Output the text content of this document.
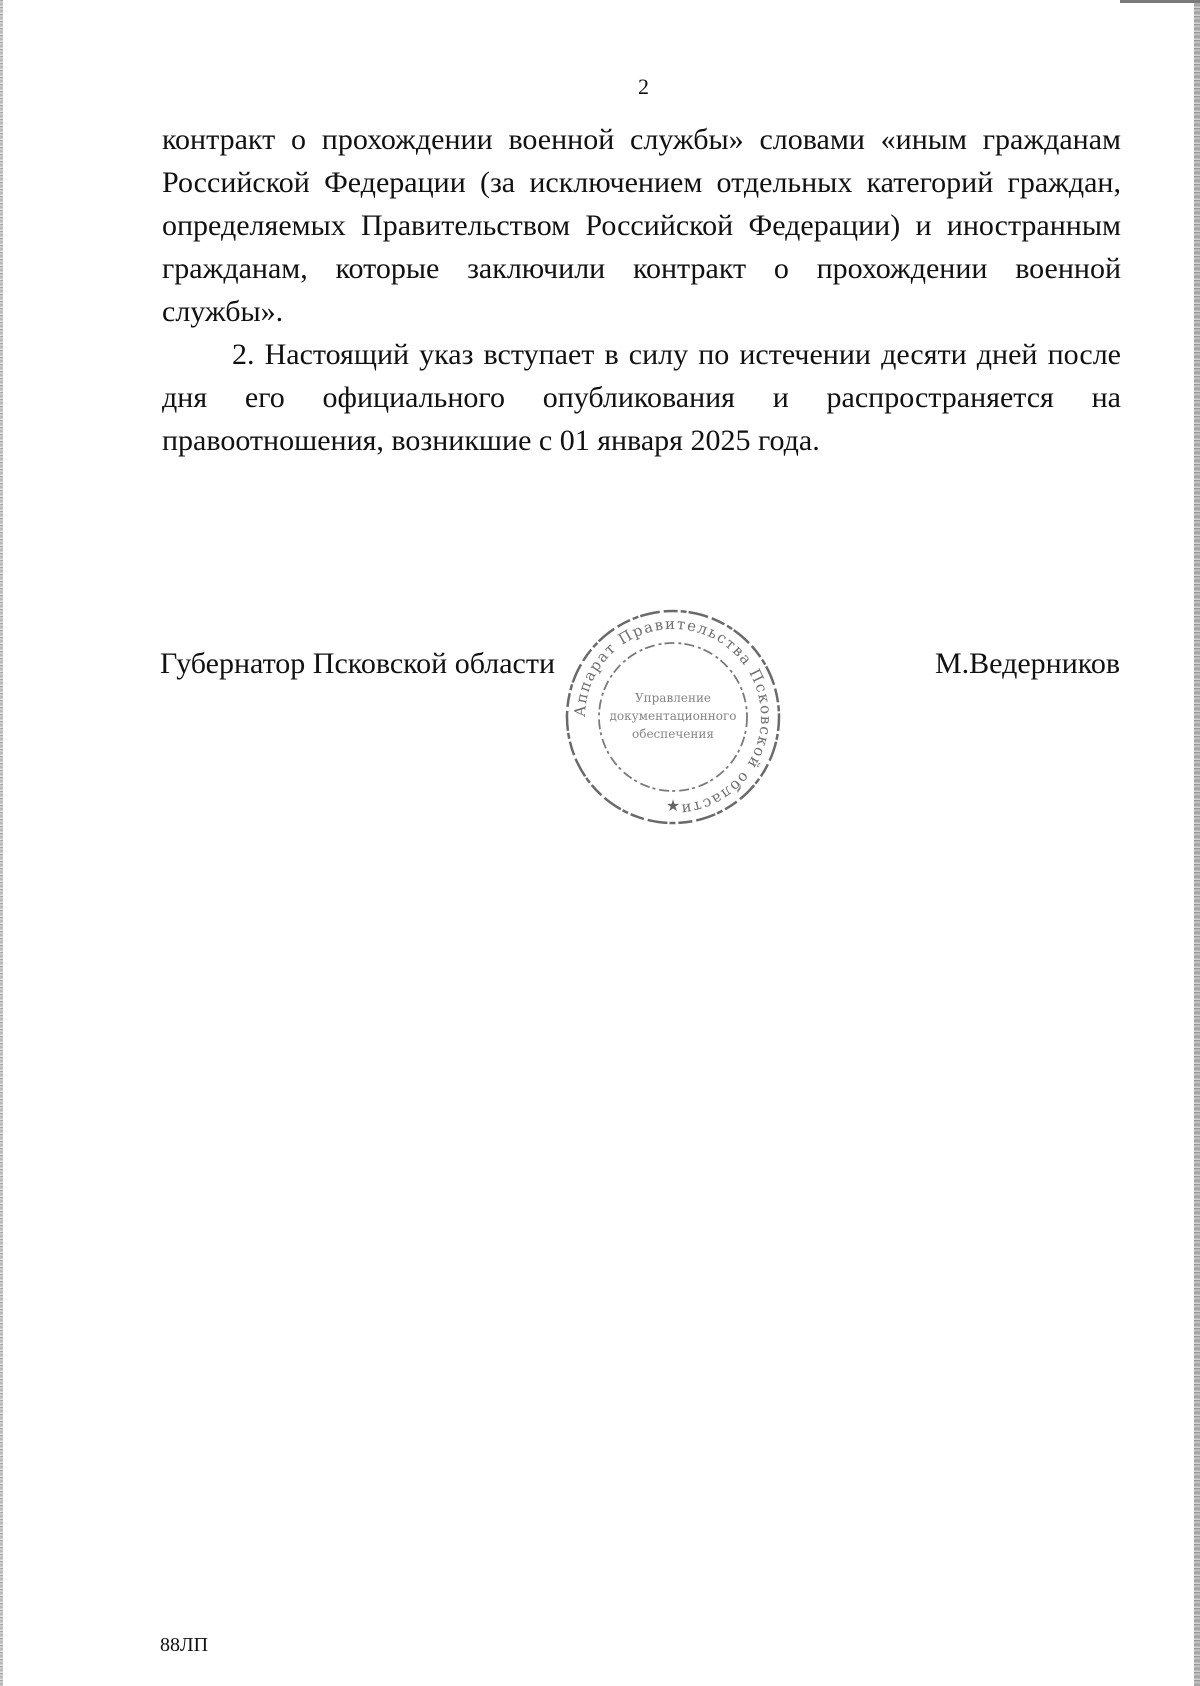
2

контракт о прохождении военной службы» словами «иным гражданам Российской Федерации (за исключением отдельных категорий граждан, определяемых Правительством Российской Федерации) и иностранным гражданам, которые заключили контракт о прохождении военной службы».

2. Настоящий указ вступает в силу по истечении десяти дней после дня его официального опубликования и распространяется на правоотношения, возникшие с 01 января 2025 года.

Губернатор Псковской области	М.Ведерников
Аппарат Правительства Псковской области
Управление
документационного
обеспечения
★
88ЛП
